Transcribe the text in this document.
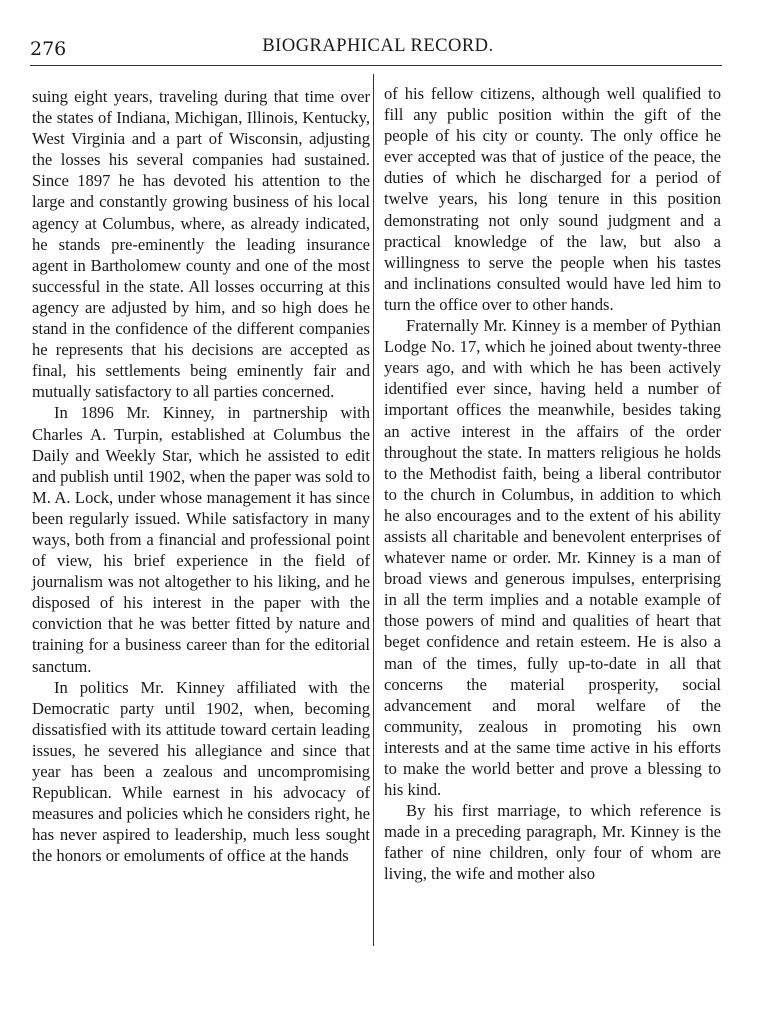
276	BIOGRAPHICAL RECORD.

suing eight years, traveling during that time over the states of Indiana, Michigan, Illinois, Kentucky, West Virginia and a part of Wisconsin, adjusting the losses his several companies had sustained. Since 1897 he has devoted his attention to the large and constantly growing business of his local agency at Columbus, where, as already indicated, he stands pre-eminently the leading insurance agent in Bartholomew county and one of the most successful in the state. All losses occurring at this agency are adjusted by him, and so high does he stand in the confidence of the different companies he represents that his decisions are accepted as final, his settlements being eminently fair and mutually satisfactory to all parties concerned.

In 1896 Mr. Kinney, in partnership with Charles A. Turpin, established at Columbus the Daily and Weekly Star, which he assisted to edit and publish until 1902, when the paper was sold to M. A. Lock, under whose management it has since been regularly issued. While satisfactory in many ways, both from a financial and professional point of view, his brief experience in the field of journalism was not altogether to his liking, and he disposed of his interest in the paper with the conviction that he was better fitted by nature and training for a business career than for the editorial sanctum.

In politics Mr. Kinney affiliated with the Democratic party until 1902, when, becoming dissatisfied with its attitude toward certain leading issues, he severed his allegiance and since that year has been a zealous and uncompromising Republican. While earnest in his advocacy of measures and policies which he considers right, he has never aspired to leadership, much less sought the honors or emoluments of office at the hands

of his fellow citizens, although well qualified to fill any public position within the gift of the people of his city or county. The only office he ever accepted was that of justice of the peace, the duties of which he discharged for a period of twelve years, his long tenure in this position demonstrating not only sound judgment and a practical knowledge of the law, but also a willingness to serve the people when his tastes and inclinations consulted would have led him to turn the office over to other hands.

Fraternally Mr. Kinney is a member of Pythian Lodge No. 17, which he joined about twenty-three years ago, and with which he has been actively identified ever since, having held a number of important offices the meanwhile, besides taking an active interest in the affairs of the order throughout the state. In matters religious he holds to the Methodist faith, being a liberal contributor to the church in Columbus, in addition to which he also encourages and to the extent of his ability assists all charitable and benevolent enterprises of whatever name or order. Mr. Kinney is a man of broad views and generous impulses, enterprising in all the term implies and a notable example of those powers of mind and qualities of heart that beget confidence and retain esteem. He is also a man of the times, fully up-to-date in all that concerns the material prosperity, social advancement and moral welfare of the community, zealous in promoting his own interests and at the same time active in his efforts to make the world better and prove a blessing to his kind.

By his first marriage, to which reference is made in a preceding paragraph, Mr. Kinney is the father of nine children, only four of whom are living, the wife and mother also
